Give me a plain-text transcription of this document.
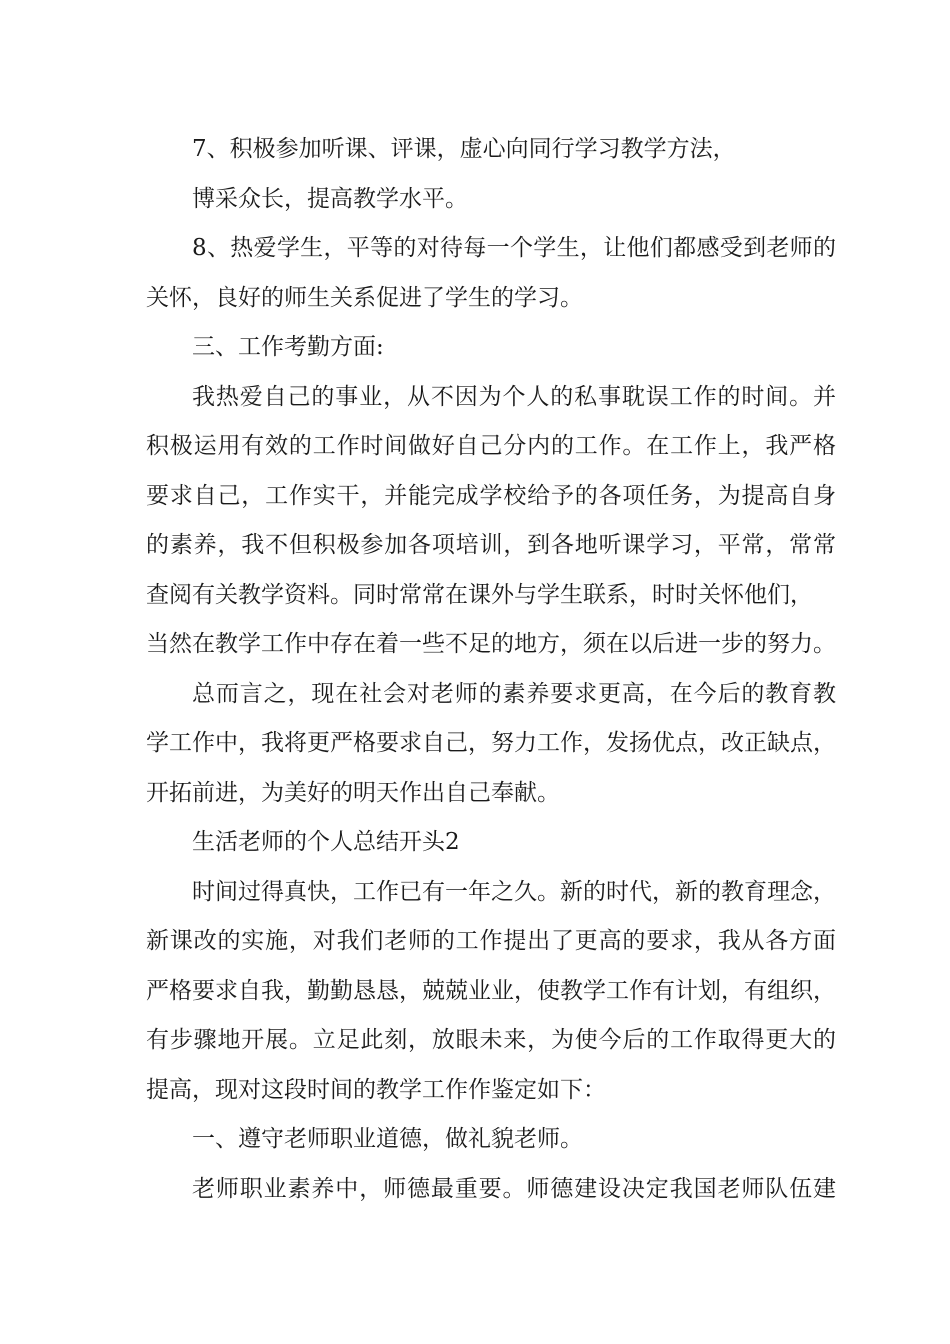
7、积极参加听课、评课，虚心向同行学习教学方法，
博采众长，提高教学水平。
8、热爱学生，平等的对待每一个学生，让他们都感受到老师的
关怀，良好的师生关系促进了学生的学习。
三、工作考勤方面:
我热爱自己的事业，从不因为个人的私事耽误工作的时间。并
积极运用有效的工作时间做好自己分内的工作。在工作上，我严格
要求自己，工作实干，并能完成学校给予的各项任务，为提高自身
的素养，我不但积极参加各项培训，到各地听课学习，平常，常常
查阅有关教学资料。同时常常在课外与学生联系，时时关怀他们，
当然在教学工作中存在着一些不足的地方，须在以后进一步的努力。
总而言之，现在社会对老师的素养要求更高，在今后的教育教
学工作中，我将更严格要求自己，努力工作，发扬优点，改正缺点，
开拓前进，为美好的明天作出自己奉献。
生活老师的个人总结开头2
时间过得真快，工作已有一年之久。新的时代，新的教育理念，
新课改的实施，对我们老师的工作提出了更高的要求，我从各方面
严格要求自我，勤勤恳恳，兢兢业业，使教学工作有计划，有组织，
有步骤地开展。立足此刻，放眼未来，为使今后的工作取得更大的
提高，现对这段时间的教学工作作鉴定如下：
一、遵守老师职业道德，做礼貌老师。
老师职业素养中，师德最重要。师德建设决定我国老师队伍建
